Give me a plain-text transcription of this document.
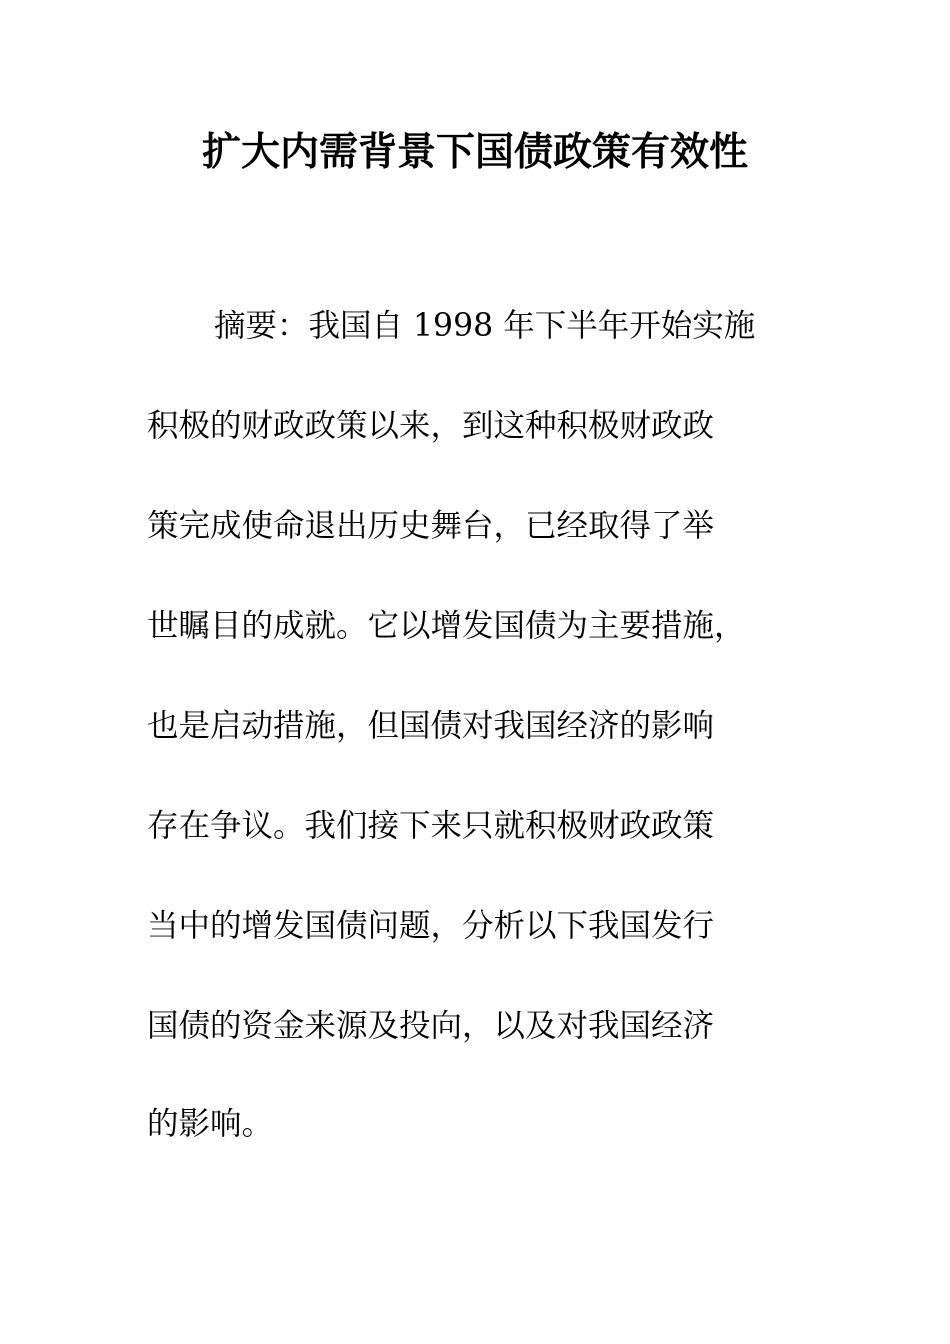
扩大内需背景下国债政策有效性

摘要：我国自 1998 年下半年开始实施

积极的财政政策以来，到这种积极财政政

策完成使命退出历史舞台，已经取得了举

世瞩目的成就。它以增发国债为主要措施，

也是启动措施，但国债对我国经济的影响

存在争议。我们接下来只就积极财政政策

当中的增发国债问题，分析以下我国发行

国债的资金来源及投向，以及对我国经济

的影响。
